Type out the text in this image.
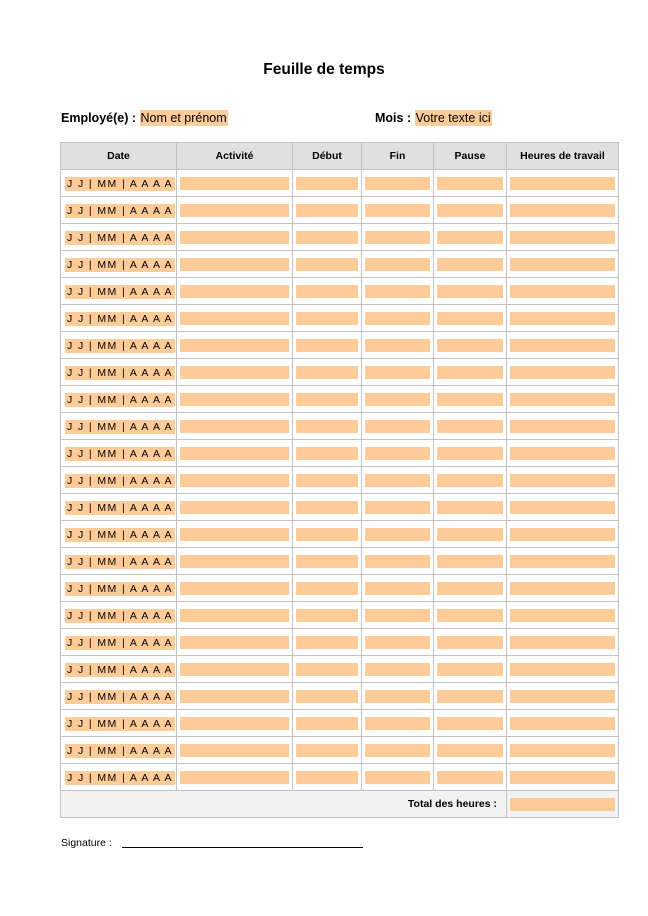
Feuille de temps
Employé(e) : Nom et prénom	Mois : Votre texte ici
Date	Activité	Début	Fin	Pause	Heures de travail
J J | MM | A A A A	

J J | MM | A A A A	

J J | MM | A A A A	

J J | MM | A A A A	

J J | MM | A A A A	

J J | MM | A A A A	

J J | MM | A A A A	

J J | MM | A A A A	

J J | MM | A A A A	

J J | MM | A A A A	

J J | MM | A A A A	

J J | MM | A A A A	

J J | MM | A A A A	

J J | MM | A A A A	

J J | MM | A A A A	

J J | MM | A A A A	

J J | MM | A A A A	

J J | MM | A A A A	

J J | MM | A A A A	

J J | MM | A A A A	

J J | MM | A A A A	

J J | MM | A A A A	

J J | MM | A A A A	

Total des heures :					
Signature :
